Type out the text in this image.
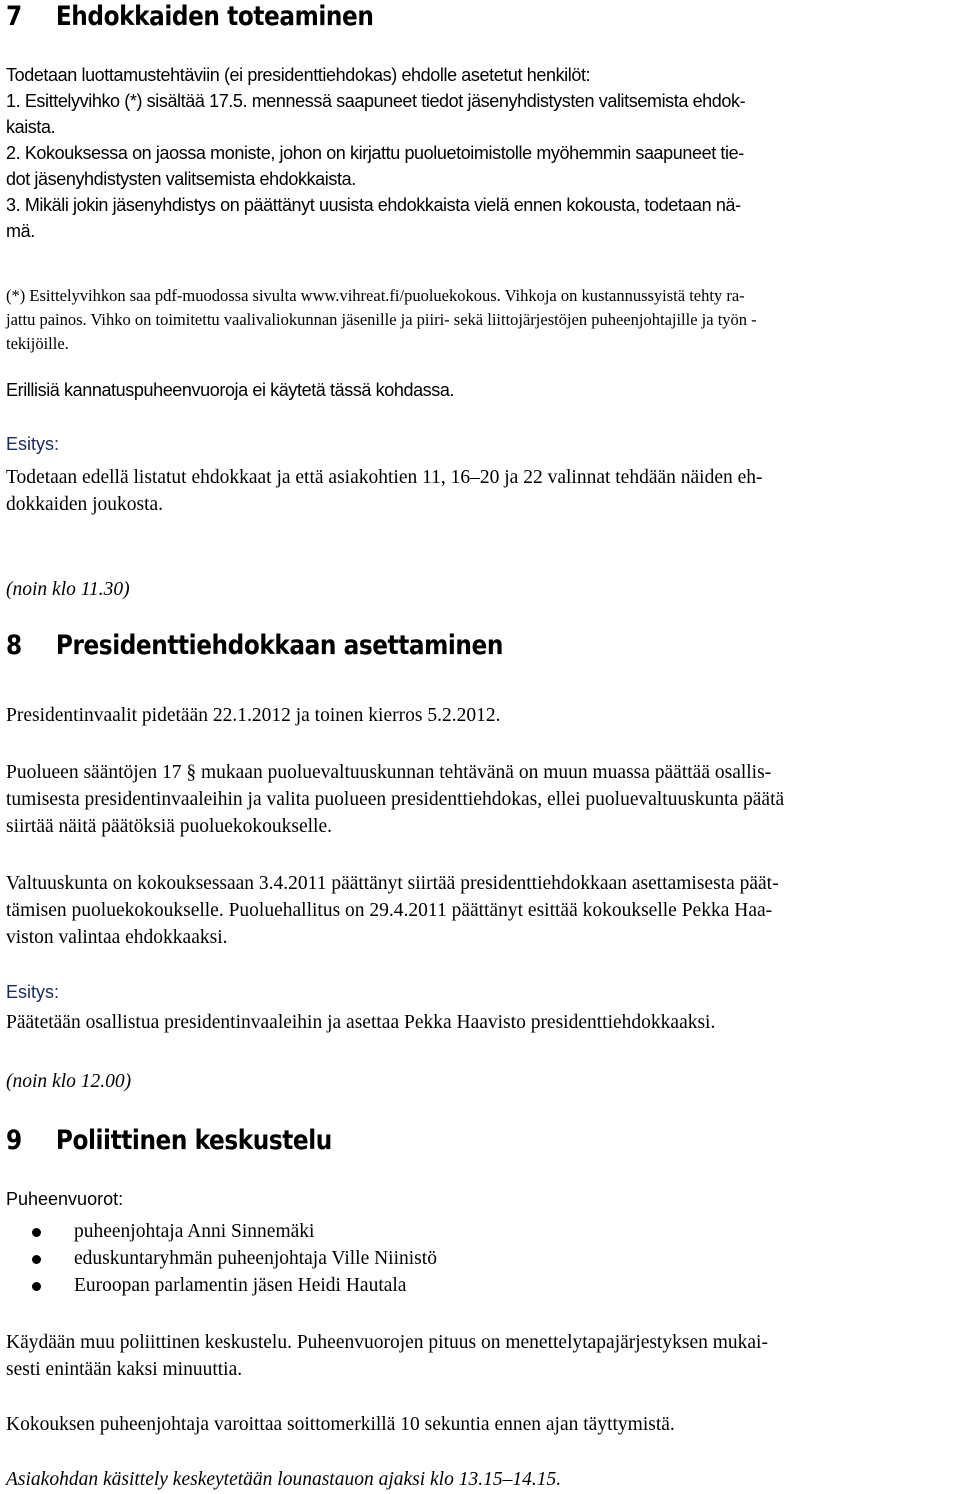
7 Ehdokkaiden toteaminen
Todetaan luottamustehtäviin (ei presidenttiehdokas) ehdolle asetetut henkilöt:
1. Esittelyvihko (*) sisältää 17.5. mennessä saapuneet tiedot jäsenyhdistysten valitsemista ehdok-
kaista.
2. Kokouksessa on jaossa moniste, johon on kirjattu puoluetoimistolle myöhemmin saapuneet tie-
dot jäsenyhdistysten valitsemista ehdokkaista.
3. Mikäli jokin jäsenyhdistys on päättänyt uusista ehdokkaista vielä ennen kokousta, todetaan nä-
mä.
(*) Esittelyvihkon saa pdf-muodossa sivulta www.vihreat.fi/puoluekokous. Vihkoja on kustannussyistä tehty ra-
jattu painos. Vihko on toimitettu vaalivaliokunnan jäsenille ja piiri- sekä liittojärjestöjen puheenjohtajille ja työn -
tekijöille.
Erillisiä kannatuspuheenvuoroja ei käytetä tässä kohdassa.
Esitys:
Todetaan edellä listatut ehdokkaat ja että asiakohtien 11, 16–20 ja 22 valinnat tehdään näiden eh-
dokkaiden joukosta.
(noin klo 11.30)
8 Presidenttiehdokkaan asettaminen
Presidentinvaalit pidetään 22.1.2012 ja toinen kierros 5.2.2012.
Puolueen sääntöjen 17 § mukaan puoluevaltuuskunnan tehtävänä on muun muassa päättää osallis-
tumisesta presidentinvaaleihin ja valita puolueen presidenttiehdokas, ellei puoluevaltuuskunta päätä
siirtää näitä päätöksiä puoluekokoukselle.
Valtuuskunta on kokouksessaan 3.4.2011 päättänyt siirtää presidenttiehdokkaan asettamisesta päät-
tämisen puoluekokoukselle. Puoluehallitus on 29.4.2011 päättänyt esittää kokoukselle Pekka Haa-
viston valintaa ehdokkaaksi.
Esitys:
Päätetään osallistua presidentinvaaleihin ja asettaa Pekka Haavisto presidenttiehdokkaaksi.
(noin klo 12.00)
9 Poliittinen keskustelu
Puheenvuorot:
puheenjohtaja Anni Sinnemäki
eduskuntaryhmän puheenjohtaja Ville Niinistö
Euroopan parlamentin jäsen Heidi Hautala
Käydään muu poliittinen keskustelu. Puheenvuorojen pituus on menettelytapajärjestyksen mukai-
sesti enintään kaksi minuuttia.
Kokouksen puheenjohtaja varoittaa soittomerkillä 10 sekuntia ennen ajan täyttymistä.
Asiakohdan käsittely keskeytetään lounastauon ajaksi klo 13.15–14.15.
